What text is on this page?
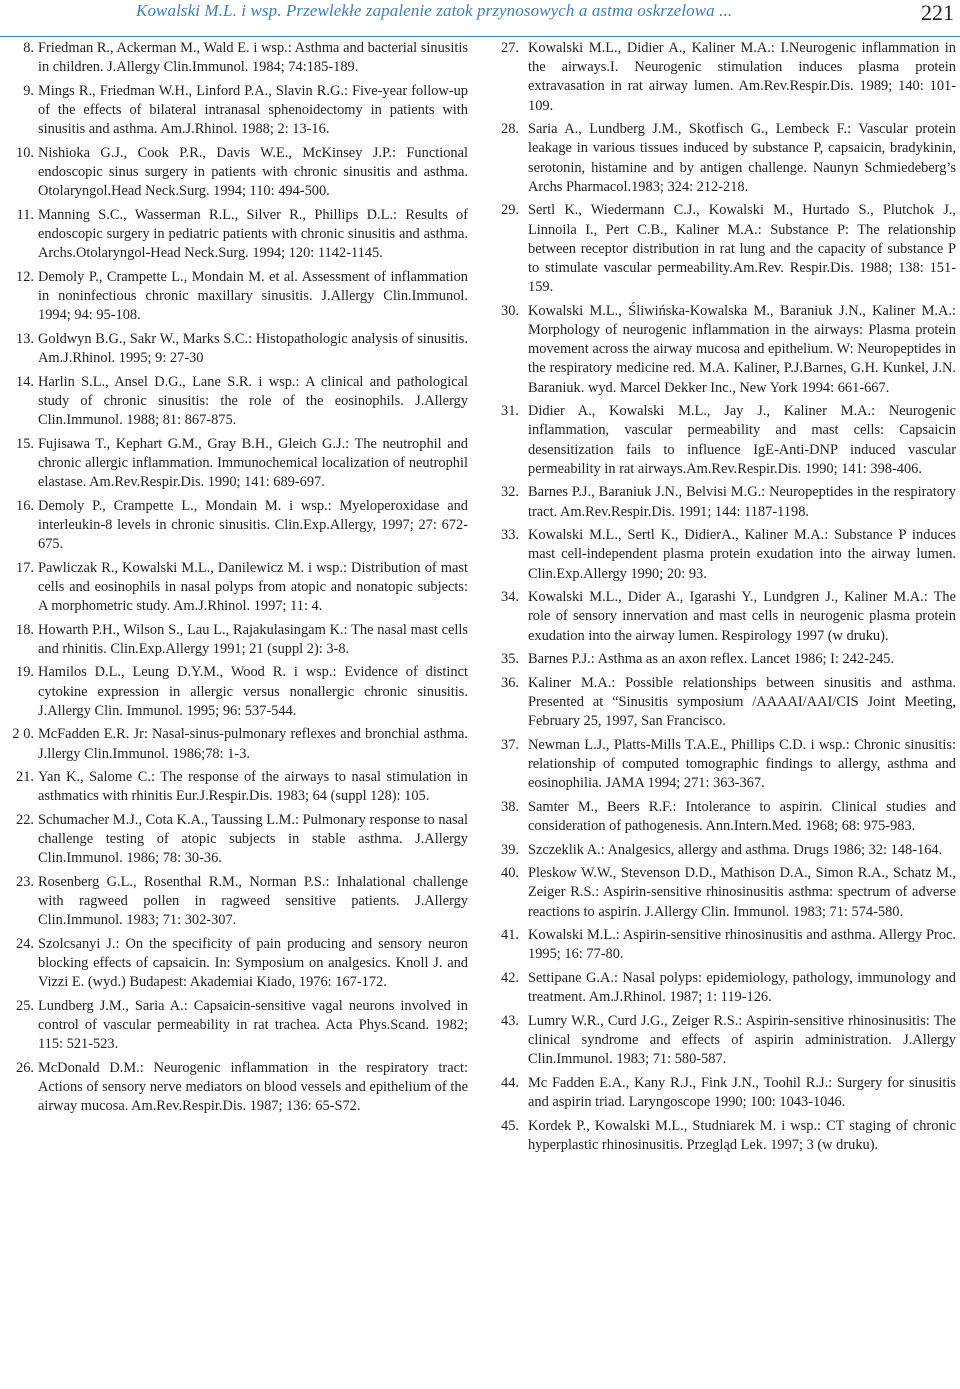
Kowalski M.L. i wsp. Przewlekłe zapalenie zatok przynosowych a astma oskrzelowa ...	221
8. Friedman R., Ackerman M., Wald E. i wsp.: Asthma and bacterial sinusitis in children. J.Allergy Clin.Immunol. 1984; 74:185-189.
9. Mings R., Friedman W.H., Linford P.A., Slavin R.G.: Five-year follow-up of the effects of bilateral intranasal sphenoidectomy in patients with sinusitis and asthma. Am.J.Rhinol. 1988; 2: 13-16.
10. Nishioka G.J., Cook P.R., Davis W.E., McKinsey J.P.: Functional endoscopic sinus surgery in patients with chronic sinusitis and asthma. Otolaryngol.Head Neck.Surg. 1994; 110: 494-500.
11. Manning S.C., Wasserman R.L., Silver R., Phillips D.L.: Results of endoscopic surgery in pediatric patients with chronic sinusitis and asthma. Archs.Otolaryngol-Head Neck.Surg. 1994; 120: 1142-1145.
12. Demoly P., Crampette L., Mondain M. et al. Assessment of inflammation in noninfectious chronic maxillary sinusitis. J.Allergy Clin.Immunol. 1994; 94: 95-108.
13. Goldwyn B.G., Sakr W., Marks S.C.: Histopathologic analysis of sinusitis. Am.J.Rhinol. 1995; 9: 27-30
14. Harlin S.L., Ansel D.G., Lane S.R. i wsp.: A clinical and pathological study of chronic sinusitis: the role of the eosinophils. J.Allergy Clin.Immunol. 1988; 81: 867-875.
15. Fujisawa T., Kephart G.M., Gray B.H., Gleich G.J.: The neutrophil and chronic allergic inflammation. Immunochemical localization of neutrophil elastase. Am.Rev.Respir.Dis. 1990; 141: 689-697.
16. Demoly P., Crampette L., Mondain M. i wsp.: Myeloperoxidase and interleukin-8 levels in chronic sinusitis. Clin.Exp.Allergy, 1997; 27: 672-675.
17. Pawliczak R., Kowalski M.L., Danilewicz M. i wsp.: Distribution of mast cells and eosinophils in nasal polyps from atopic and nonatopic subjects: A morphometric study. Am.J.Rhinol. 1997; 11: 4.
18. Howarth P.H., Wilson S., Lau L., Rajakulasingam K.: The nasal mast cells and rhinitis. Clin.Exp.Allergy 1991; 21 (suppl 2): 3-8.
19. Hamilos D.L., Leung D.Y.M., Wood R. i wsp.: Evidence of distinct cytokine expression in allergic versus nonallergic chronic sinusitis. J.Allergy Clin. Immunol. 1995; 96: 537-544.
2 0. McFadden E.R. Jr: Nasal-sinus-pulmonary reflexes and bronchial asthma. J.llergy Clin.Immunol. 1986;78: 1-3.
21. Yan K., Salome C.: The response of the airways to nasal stimulation in asthmatics with rhinitis Eur.J.Respir.Dis. 1983; 64 (suppl 128): 105.
22. Schumacher M.J., Cota K.A., Taussing L.M.: Pulmonary response to nasal challenge testing of atopic subjects in stable asthma. J.Allergy Clin.Immunol. 1986; 78: 30-36.
23. Rosenberg G.L., Rosenthal R.M., Norman P.S.: Inhalational challenge with ragweed pollen in ragweed sensitive patients. J.Allergy Clin.Immunol. 1983; 71: 302-307.
24. Szolcsanyi J.: On the specificity of pain producing and sensory neuron blocking effects of capsaicin. In: Symposium on analgesics. Knoll J. and Vizzi E. (wyd.) Budapest: Akademiai Kiado, 1976: 167-172.
25. Lundberg J.M., Saria A.: Capsaicin-sensitive vagal neurons involved in control of vascular permeability in rat trachea. Acta Phys.Scand. 1982; 115: 521-523.
26. McDonald D.M.: Neurogenic inflammation in the respiratory tract: Actions of sensory nerve mediators on blood vessels and epithelium of the airway mucosa. Am.Rev.Respir.Dis. 1987; 136: 65-S72.
27. Kowalski M.L., Didier A., Kaliner M.A.: I.Neurogenic inflammation in the airways.I. Neurogenic stimulation induces plasma protein extravasation in rat airway lumen. Am.Rev.Respir.Dis. 1989; 140: 101-109.
28. Saria A., Lundberg J.M., Skotfisch G., Lembeck F.: Vascular protein leakage in various tissues induced by substance P, capsaicin, bradykinin, serotonin, histamine and by antigen challenge. Naunyn Schmiedeberg’s Archs Pharmacol.1983; 324: 212-218.
29. Sertl K., Wiedermann C.J., Kowalski M., Hurtado S., Plutchok J., Linnoila I., Pert C.B., Kaliner M.A.: Substance P: The relationship between receptor distribution in rat lung and the capacity of substance P to stimulate vascular permeability.Am.Rev. Respir.Dis. 1988; 138: 151-159.
30. Kowalski M.L., Śliwińska-Kowalska M., Baraniuk J.N., Kaliner M.A.: Morphology of neurogenic inflammation in the airways: Plasma protein movement across the airway mucosa and epithelium. W: Neuropeptides in the respiratory medicine red. M.A. Kaliner, P.J.Barnes, G.H. Kunkel, J.N. Baraniuk. wyd. Marcel Dekker Inc., New York 1994: 661-667.
31. Didier A., Kowalski M.L., Jay J., Kaliner M.A.: Neurogenic inflammation, vascular permeability and mast cells: Capsaicin desensitization fails to influence IgE-Anti-DNP induced vascular permeability in rat airways.Am.Rev.Respir.Dis. 1990; 141: 398-406.
32. Barnes P.J., Baraniuk J.N., Belvisi M.G.: Neuropeptides in the respiratory tract. Am.Rev.Respir.Dis. 1991; 144: 1187-1198.
33. Kowalski M.L., Sertl K., DidierA., Kaliner M.A.: Substance P induces mast cell-independent plasma protein exudation into the airway lumen. Clin.Exp.Allergy 1990; 20: 93.
34. Kowalski M.L., Dider A., Igarashi Y., Lundgren J., Kaliner M.A.: The role of sensory innervation and mast cells in neurogenic plasma protein exudation into the airway lumen. Respirology 1997 (w druku).
35. Barnes P.J.: Asthma as an axon reflex. Lancet 1986; I: 242-245.
36. Kaliner M.A.: Possible relationships between sinusitis and asthma. Presented at “Sinusitis symposium /AAAAI/AAI/CIS Joint Meeting, February 25, 1997, San Francisco.
37. Newman L.J., Platts-Mills T.A.E., Phillips C.D. i wsp.: Chronic sinusitis: relationship of computed tomographic findings to allergy, asthma and eosinophilia. JAMA 1994; 271: 363-367.
38. Samter M., Beers R.F.: Intolerance to aspirin. Clinical studies and consideration of pathogenesis. Ann.Intern.Med. 1968; 68: 975-983.
39. Szczeklik A.: Analgesics, allergy and asthma. Drugs 1986; 32: 148-164.
40. Pleskow W.W., Stevenson D.D., Mathison D.A., Simon R.A., Schatz M., Zeiger R.S.: Aspirin-sensitive rhinosinusitis asthma: spectrum of adverse reactions to aspirin. J.Allergy Clin. Immunol. 1983; 71: 574-580.
41. Kowalski M.L.: Aspirin-sensitive rhinosinusitis and asthma. Allergy Proc. 1995; 16: 77-80.
42. Settipane G.A.: Nasal polyps: epidemiology, pathology, immunology and treatment. Am.J.Rhinol. 1987; 1: 119-126.
43. Lumry W.R., Curd J.G., Zeiger R.S.: Aspirin-sensitive rhinosinusitis: The clinical syndrome and effects of aspirin administration. J.Allergy Clin.Immunol. 1983; 71: 580-587.
44. Mc Fadden E.A., Kany R.J., Fink J.N., Toohil R.J.: Surgery for sinusitis and aspirin triad. Laryngoscope 1990; 100: 1043-1046.
45. Kordek P., Kowalski M.L., Studniarek M. i wsp.: CT staging of chronic hyperplastic rhinosinusitis. Przegląd Lek. 1997; 3 (w druku).
